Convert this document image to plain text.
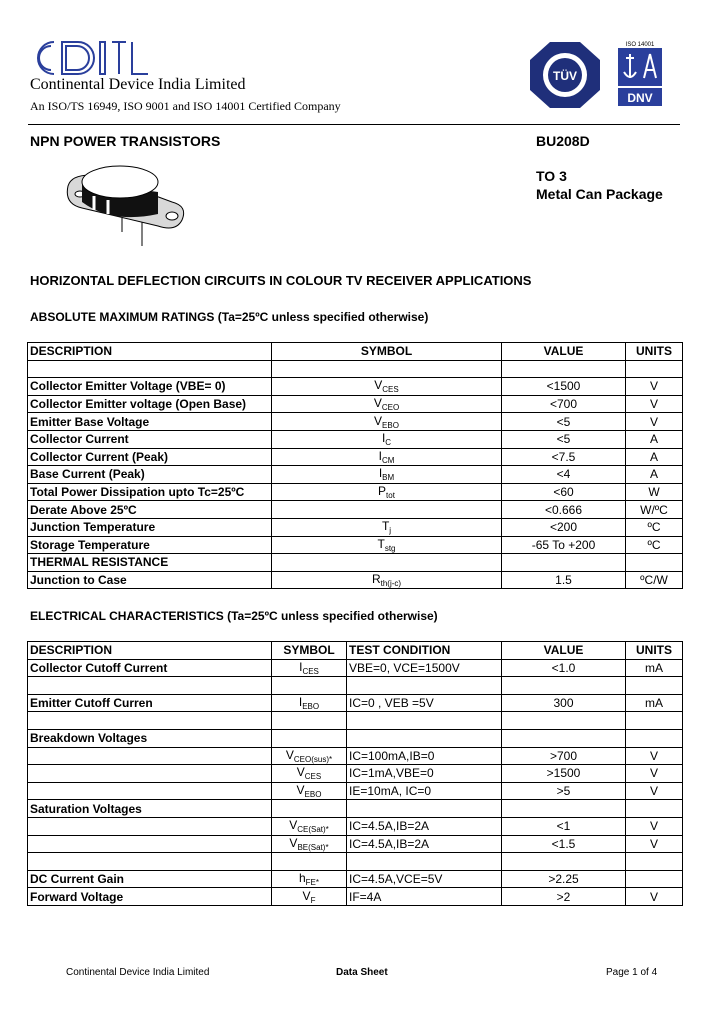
Continental Device India Limited
An ISO/TS 16949, ISO 9001 and ISO 14001 Certified Company
TÜV
ISO 14001
DNV
NPN POWER TRANSISTORS	BU208D
TO 3
Metal Can Package
HORIZONTAL DEFLECTION CIRCUITS IN COLOUR TV RECEIVER APPLICATIONS
ABSOLUTE MAXIMUM RATINGS (Ta=25ºC unless specified otherwise)
DESCRIPTION	SYMBOL	VALUE	UNITS

Collector Emitter Voltage (VBE= 0)	$V_{CES}$	<1500	V
Collector Emitter voltage (Open Base)	$V_{CEO}$	<700	V
Emitter Base Voltage	$V_{EBO}$	<5	V
Collector Current	$I_C$	<5	A
Collector Current (Peak)	$I_{CM}$	<7.5	A
Base Current (Peak)	$I_{BM}$	<4	A
Total Power Dissipation upto Tc=25ºC	$P_{tot}$	<60	W
Derate Above 25ºC		<0.666	W/ºC
Junction Temperature	$T_j$	<200	ºC
Storage Temperature	$T_{stg}$	-65 To +200	ºC
THERMAL RESISTANCE			
Junction to Case	$R_{th(j-c)}$	1.5	ºC/W
ELECTRICAL CHARACTERISTICS (Ta=25ºC unless specified otherwise)
DESCRIPTION	SYMBOL	TEST CONDITION	VALUE	UNITS
Collector Cutoff Current	$I_{CES}$	VBE=0, VCE=1500V	<1.0	mA

Emitter Cutoff Curren	$I_{EBO}$	IC=0 , VEB =5V	300	mA

Breakdown Voltages				
	$V_{CEO(sus)*}$	IC=100mA,IB=0	>700	V
	$V_{CES}$	IC=1mA,VBE=0	>1500	V
	$V_{EBO}$	IE=10mA, IC=0	>5	V
Saturation Voltages				
	$V_{CE(Sat)*}$	IC=4.5A,IB=2A	<1	V
	$V_{BE(Sat)*}$	IC=4.5A,IB=2A	<1.5	V

DC Current Gain	$h_{FE*}$	IC=4.5A,VCE=5V	>2.25	
Forward Voltage	$V_F$	IF=4A	>2	V
Continental Device India Limited	Data Sheet	Page 1 of 4
